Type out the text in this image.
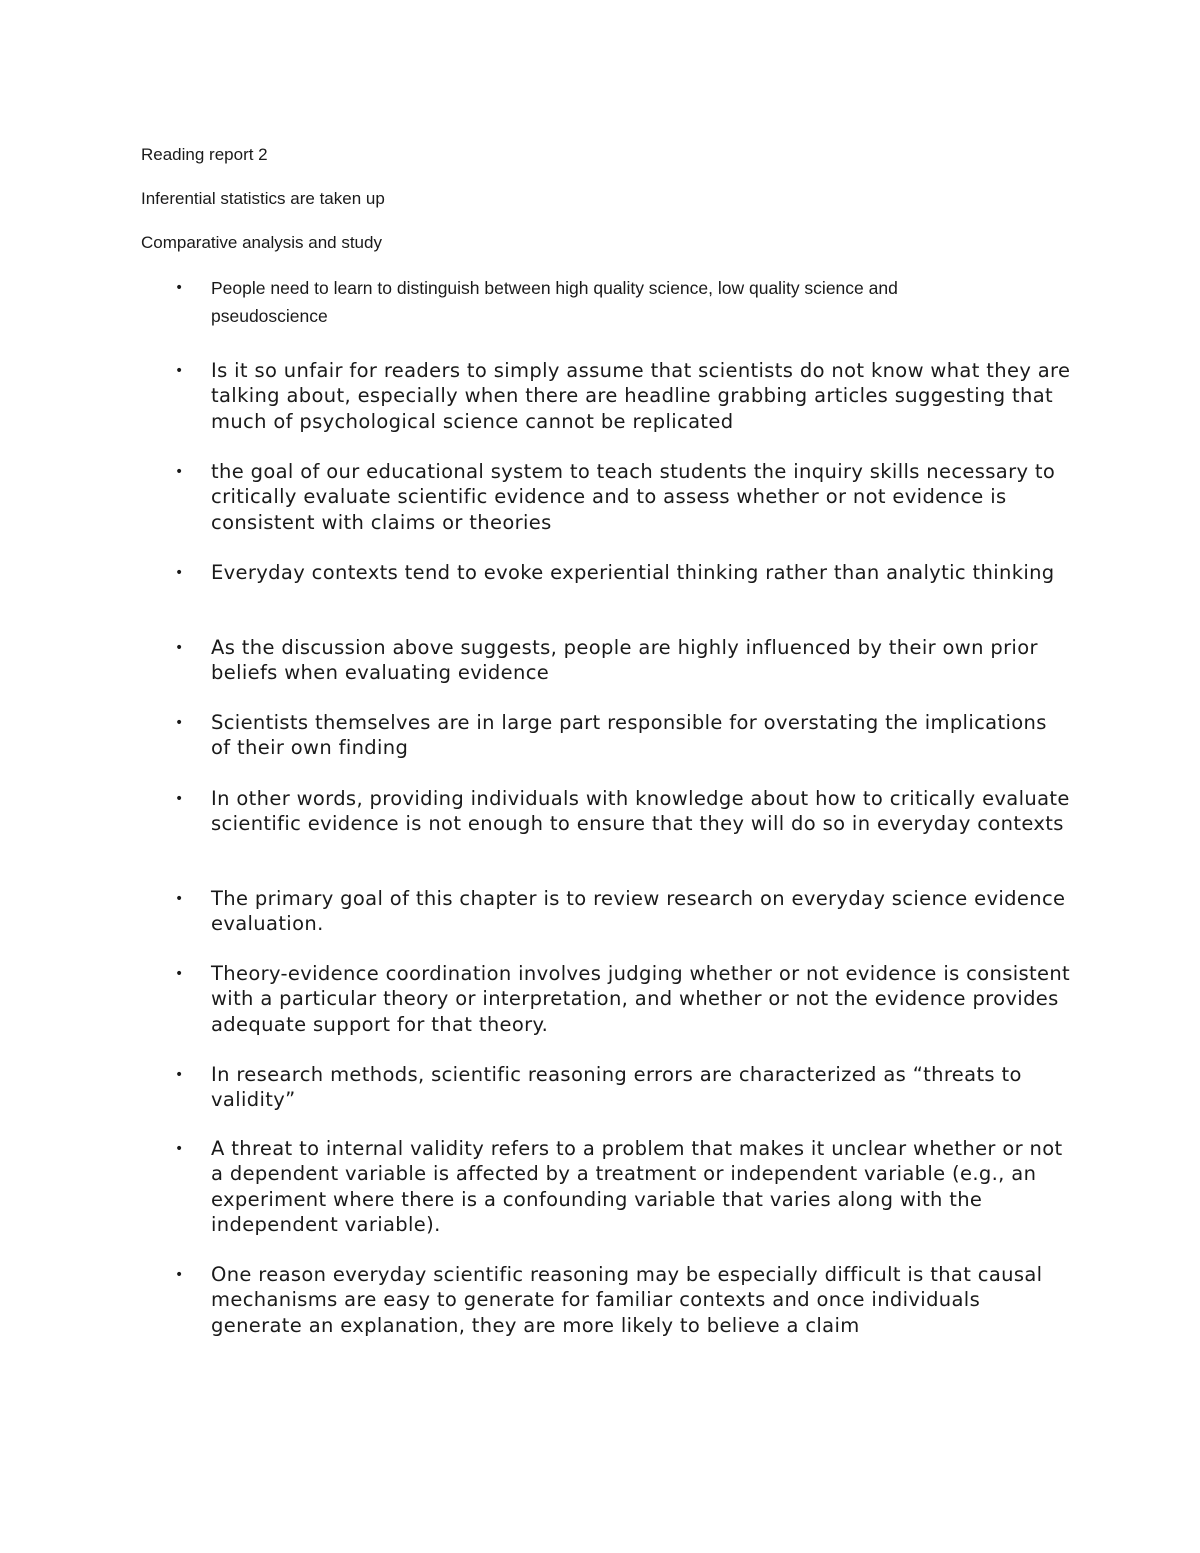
Reading report 2

Inferential statistics are taken up

Comparative analysis and study

• People need to learn to distinguish between high quality science, low quality science and pseudoscience
• Is it so unfair for readers to simply assume that scientists do not know what they are talking about, especially when there are headline grabbing articles suggesting that much of psychological science cannot be replicated
• the goal of our educational system to teach students the inquiry skills necessary to critically evaluate scientific evidence and to assess whether or not evidence is consistent with claims or theories
• Everyday contexts tend to evoke experiential thinking rather than analytic thinking
• As the discussion above suggests, people are highly influenced by their own prior beliefs when evaluating evidence
• Scientists themselves are in large part responsible for overstating the implications of their own finding
• In other words, providing individuals with knowledge about how to critically evaluate scientific evidence is not enough to ensure that they will do so in everyday contexts
• The primary goal of this chapter is to review research on everyday science evidence evaluation.
• Theory-evidence coordination involves judging whether or not evidence is consistent with a particular theory or interpretation, and whether or not the evidence provides adequate support for that theory.
• In research methods, scientific reasoning errors are characterized as “threats to validity”
• A threat to internal validity refers to a problem that makes it unclear whether or not a dependent variable is affected by a treatment or independent variable (e.g., an experiment where there is a confounding variable that varies along with the independent variable).
• One reason everyday scientific reasoning may be especially difficult is that causal mechanisms are easy to generate for familiar contexts and once individuals generate an explanation, they are more likely to believe a claim
